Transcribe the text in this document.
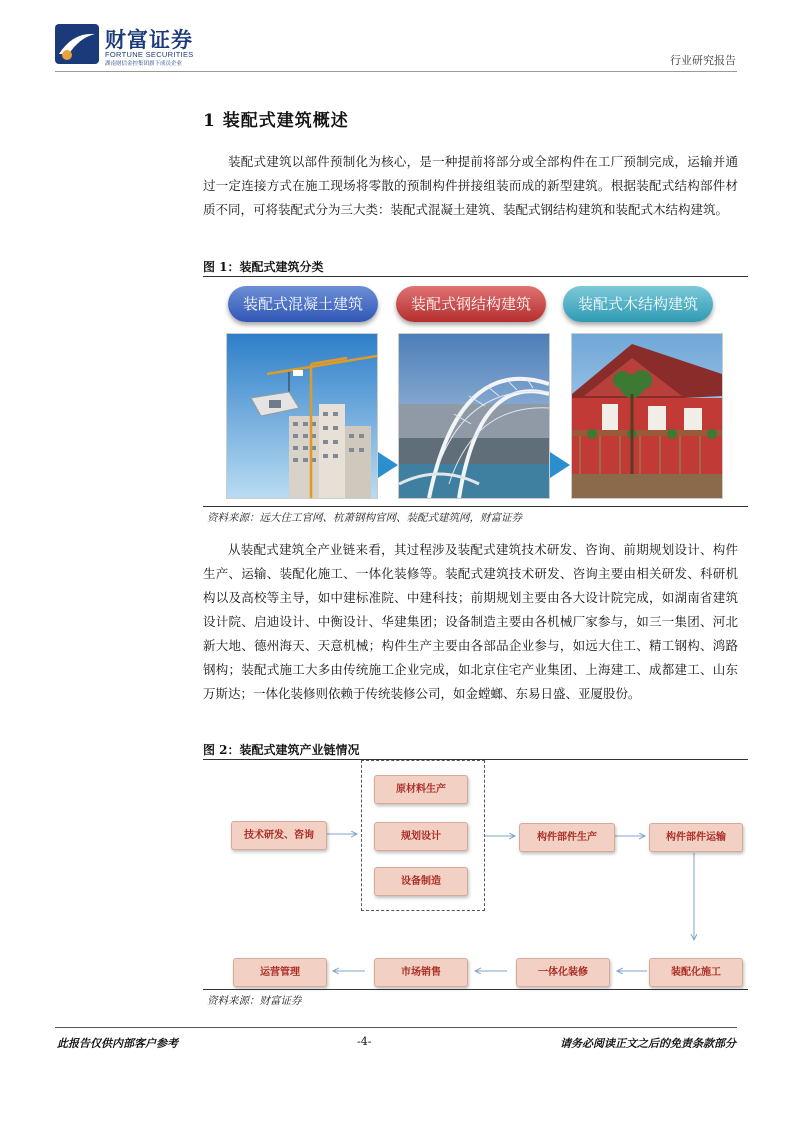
财富证券
FORTUNE SECURITIES
湖南财信金控集团旗下成员企业	行业研究报告
1 装配式建筑概述

装配式建筑以部件预制化为核心，是一种提前将部分或全部构件在工厂预制完成，运输并通过一定连接方式在施工现场将零散的预制构件拼接组装而成的新型建筑。根据装配式结构部件材质不同，可将装配式分为三大类：装配式混凝土建筑、装配式钢结构建筑和装配式木结构建筑。

图 1：装配式建筑分类
装配式混凝土建筑	装配式钢结构建筑	装配式木结构建筑
资料来源：远大住工官网、杭萧钢构官网、装配式建筑网，财富证券

从装配式建筑全产业链来看，其过程涉及装配式建筑技术研发、咨询、前期规划设计、构件生产、运输、装配化施工、一体化装修等。装配式建筑技术研发、咨询主要由相关研发、科研机构以及高校等主导，如中建标准院、中建科技；前期规划主要由各大设计院完成，如湖南省建筑设计院、启迪设计、中衡设计、华建集团；设备制造主要由各机械厂家参与，如三一集团、河北新大地、德州海天、天意机械；构件生产主要由各部品企业参与，如远大住工、精工钢构、鸿路钢构；装配式施工大多由传统施工企业完成，如北京住宅产业集团、上海建工、成都建工、山东万斯达；一体化装修则依赖于传统装修公司，如金螳螂、东易日盛、亚厦股份。

图 2：装配式建筑产业链情况
技术研发、咨询
原材料生产
规划设计
设备制造
构件部件生产	构件部件运输
装配化施工
一体化装修
市场销售
运营管理
资料来源：财富证券
此报告仅供内部客户参考	-4-	请务必阅读正文之后的免责条款部分
